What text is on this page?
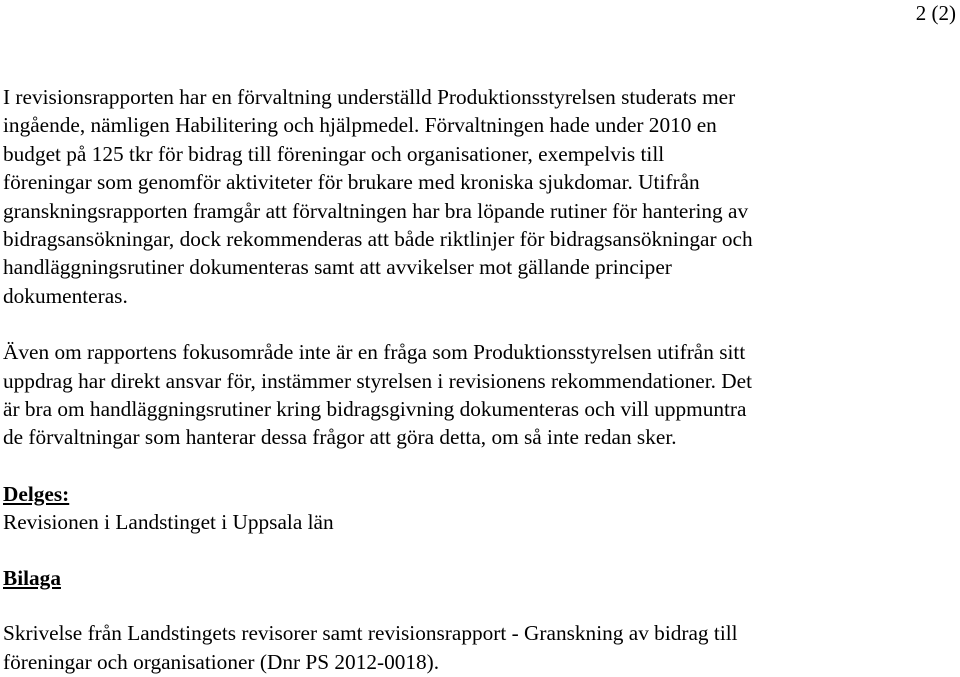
2 (2)
I revisionsrapporten har en förvaltning underställd Produktionsstyrelsen studerats mer
ingående, nämligen Habilitering och hjälpmedel. Förvaltningen hade under 2010 en
budget på 125 tkr för bidrag till föreningar och organisationer, exempelvis till
föreningar som genomför aktiviteter för brukare med kroniska sjukdomar. Utifrån
granskningsrapporten framgår att förvaltningen har bra löpande rutiner för hantering av
bidragsansökningar, dock rekommenderas att både riktlinjer för bidragsansökningar och
handläggningsrutiner dokumenteras samt att avvikelser mot gällande principer
dokumenteras.
Även om rapportens fokusområde inte är en fråga som Produktionsstyrelsen utifrån sitt
uppdrag har direkt ansvar för, instämmer styrelsen i revisionens rekommendationer. Det
är bra om handläggningsrutiner kring bidragsgivning dokumenteras och vill uppmuntra
de förvaltningar som hanterar dessa frågor att göra detta, om så inte redan sker.
Delges:
Revisionen i Landstinget i Uppsala län
Bilaga
Skrivelse från Landstingets revisorer samt revisionsrapport - Granskning av bidrag till
föreningar och organisationer (Dnr PS 2012-0018).
